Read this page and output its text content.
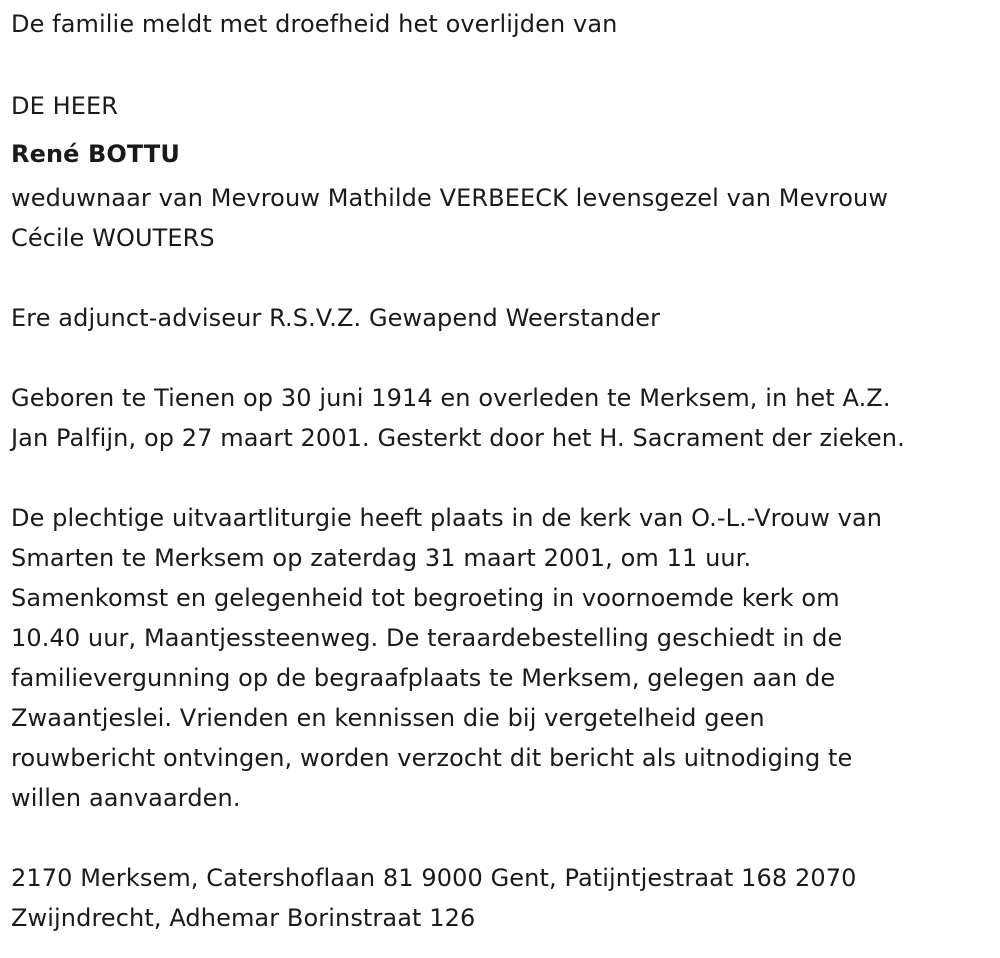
De familie meldt met droefheid het overlijden van
DE HEER
René BOTTU
weduwnaar van Mevrouw Mathilde VERBEECK levensgezel van Mevrouw
Cécile WOUTERS
Ere adjunct-adviseur R.S.V.Z. Gewapend Weerstander
Geboren te Tienen op 30 juni 1914 en overleden te Merksem, in het A.Z.
Jan Palfijn, op 27 maart 2001. Gesterkt door het H. Sacrament der zieken.
De plechtige uitvaartliturgie heeft plaats in de kerk van O.-L.-Vrouw van
Smarten te Merksem op zaterdag 31 maart 2001, om 11 uur.
Samenkomst en gelegenheid tot begroeting in voornoemde kerk om
10.40 uur, Maantjessteenweg. De teraardebestelling geschiedt in de
familievergunning op de begraafplaats te Merksem, gelegen aan de
Zwaantjeslei. Vrienden en kennissen die bij vergetelheid geen
rouwbericht ontvingen, worden verzocht dit bericht als uitnodiging te
willen aanvaarden.
2170 Merksem, Catershoflaan 81 9000 Gent, Patijntjestraat 168 2070
Zwijndrecht, Adhemar Borinstraat 126
